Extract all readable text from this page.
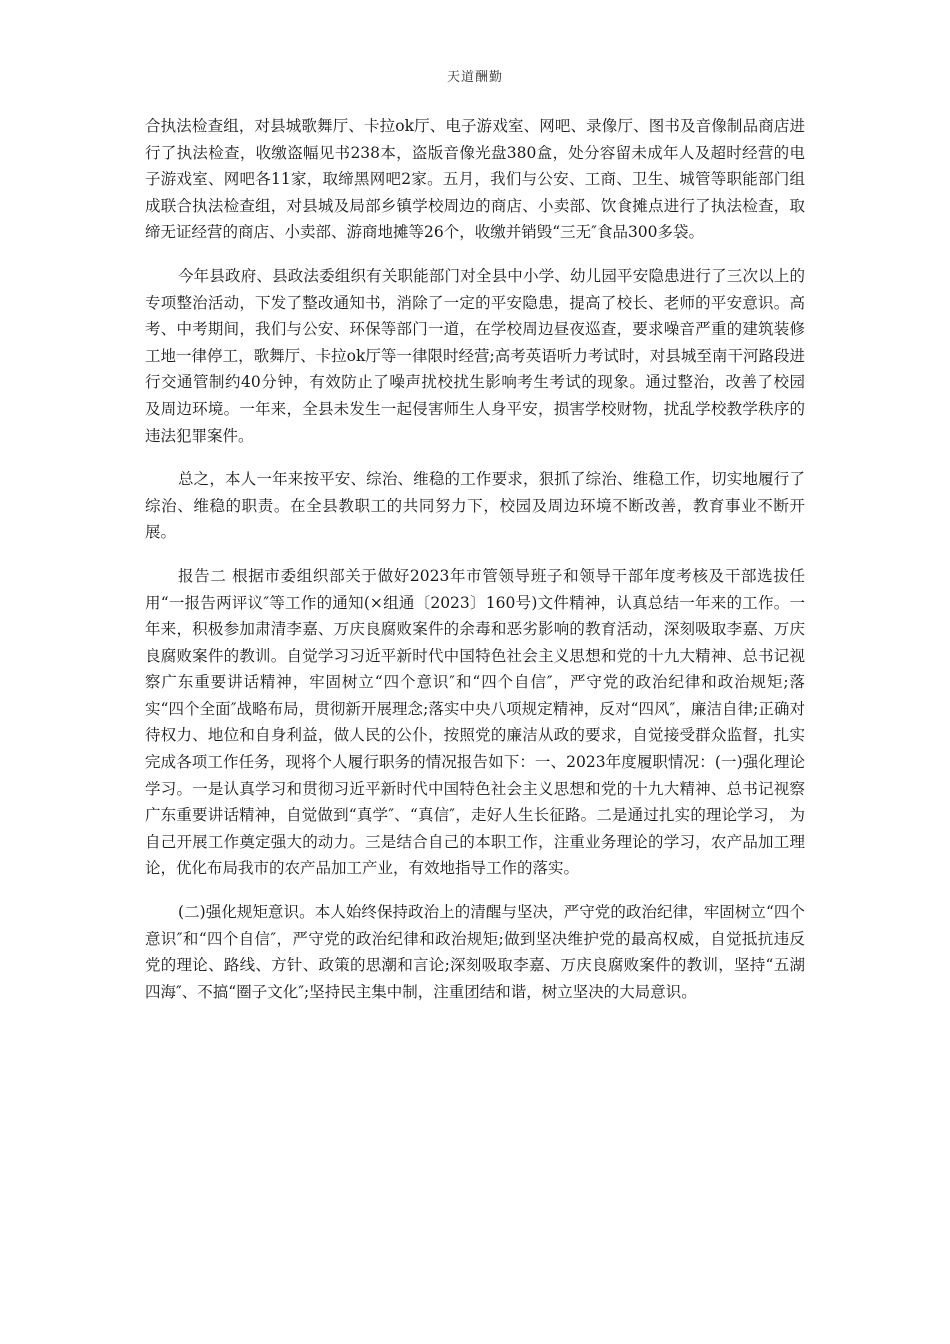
天道酬勤

合执法检查组，对县城歌舞厅、卡拉ok厅、电子游戏室、网吧、录像厅、图书及音像制品商店进行了执法检查，收缴盗幅见书238本，盗版音像光盘380盒，处分容留未成年人及超时经营的电子游戏室、网吧各11家，取缔黑网吧2家。五月，我们与公安、工商、卫生、城管等职能部门组成联合执法检查组，对县城及局部乡镇学校周边的商店、小卖部、饮食摊点进行了执法检查，取缔无证经营的商店、小卖部、游商地摊等26个，收缴并销毁“三无″食品300多袋。

今年县政府、县政法委组织有关职能部门对全县中小学、幼儿园平安隐患进行了三次以上的专项整治活动，下发了整改通知书，消除了一定的平安隐患，提高了校长、老师的平安意识。高考、中考期间，我们与公安、环保等部门一道，在学校周边昼夜巡查，要求噪音严重的建筑装修工地一律停工，歌舞厅、卡拉ok厅等一律限时经营;高考英语听力考试时，对县城至南干河路段进行交通管制约40分钟，有效防止了噪声扰校扰生影响考生考试的现象。通过整治，改善了校园 及周边环境。一年来，全县未发生一起侵害师生人身平安，损害学校财物，扰乱学校教学秩序的违法犯罪案件。

总之，本人一年来按平安、综治、维稳的工作要求，狠抓了综治、维稳工作，切实地履行了综治、维稳的职责。在全县教职工的共同努力下，校园及周边环境不断改善，教育事业不断开展。

报告二 根据市委组织部关于做好2023年市管领导班子和领导干部年度考核及干部选拔任用“一报告两评议″等工作的通知(×组通〔2023〕160号)文件精神，认真总结一年来的工作。一年来，积极参加肃清李嘉、万庆良腐败案件的余毒和恶劣影响的教育活动，深刻吸取李嘉、万庆良腐败案件的教训。自觉学习习近平新时代中国特色社会主义思想和党的十九大精神、总书记视察广东重要讲话精神，牢固树立“四个意识″和“四个自信″，严守党的政治纪律和政治规矩;落实“四个全面″战略布局，贯彻新开展理念;落实中央八项规定精神，反对“四风″，廉洁自律;正确对待权力、地位和自身利益，做人民的公仆，按照党的廉洁从政的要求，自觉接受群众监督，扎实完成各项工作任务，现将个人履行职务的情况报告如下：一、2023年度履职情况：(一)强化理论学习。一是认真学习和贯彻习近平新时代中国特色社会主义思想和党的十九大精神、总书记视察广东重要讲话精神，自觉做到“真学″、“真信″，走好人生长征路。二是通过扎实的理论学习， 为自己开展工作奠定强大的动力。三是结合自己的本职工作，注重业务理论的学习，农产品加工理论，优化布局我市的农产品加工产业，有效地指导工作的落实。

(二)强化规矩意识。本人始终保持政治上的清醒与坚决，严守党的政治纪律，牢固树立“四个意识″和“四个自信″，严守党的政治纪律和政治规矩;做到坚决维护党的最高权威，自觉抵抗违反党的理论、路线、方针、政策的思潮和言论;深刻吸取李嘉、万庆良腐败案件的教训，坚持“五湖四海″、不搞“圈子文化″;坚持民主集中制，注重团结和谐，树立坚决的大局意识。
